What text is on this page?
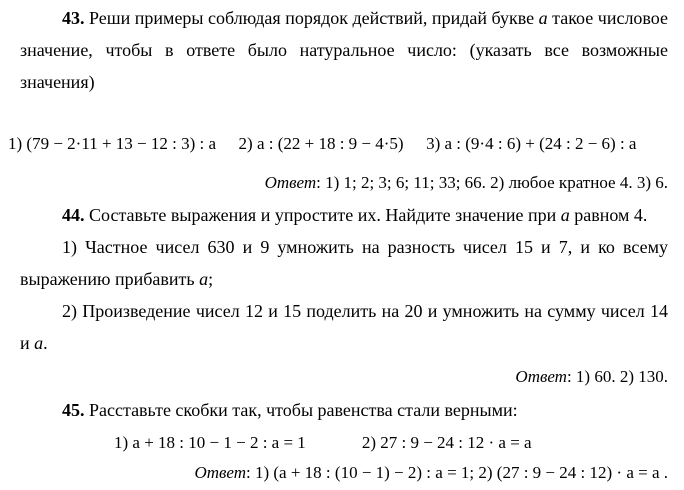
43. Реши примеры соблюдая порядок действий, придай букве a такое числовое значение, чтобы в ответе было натуральное число: (указать все возможные значения)

1) (79 − 2·11 + 13 − 12 : 3) : a 2) a : (22 + 18 : 9 − 4·5) 3) a : (9·4 : 6) + (24 : 2 − 6) : a
Ответ: 1) 1; 2; 3; 6; 11; 33; 66. 2) любое кратное 4. 3) 6.

44. Составьте выражения и упростите их. Найдите значение при a равном 4.

1) Частное чисел 630 и 9 умножить на разность чисел 15 и 7, и ко всему выражению прибавить a;

2) Произведение чисел 12 и 15 поделить на 20 и умножить на сумму чисел 14 и a.

Ответ: 1) 60. 2) 130.

45. Расставьте скобки так, чтобы равенства стали верными:

1) a + 18 : 10 − 1 − 2 : a = 1	2) 27 : 9 − 24 : 12 · a = a
Ответ: 1) (a + 18 : (10 − 1) − 2) : a = 1; 2) (27 : 9 − 24 : 12) · a = a .
